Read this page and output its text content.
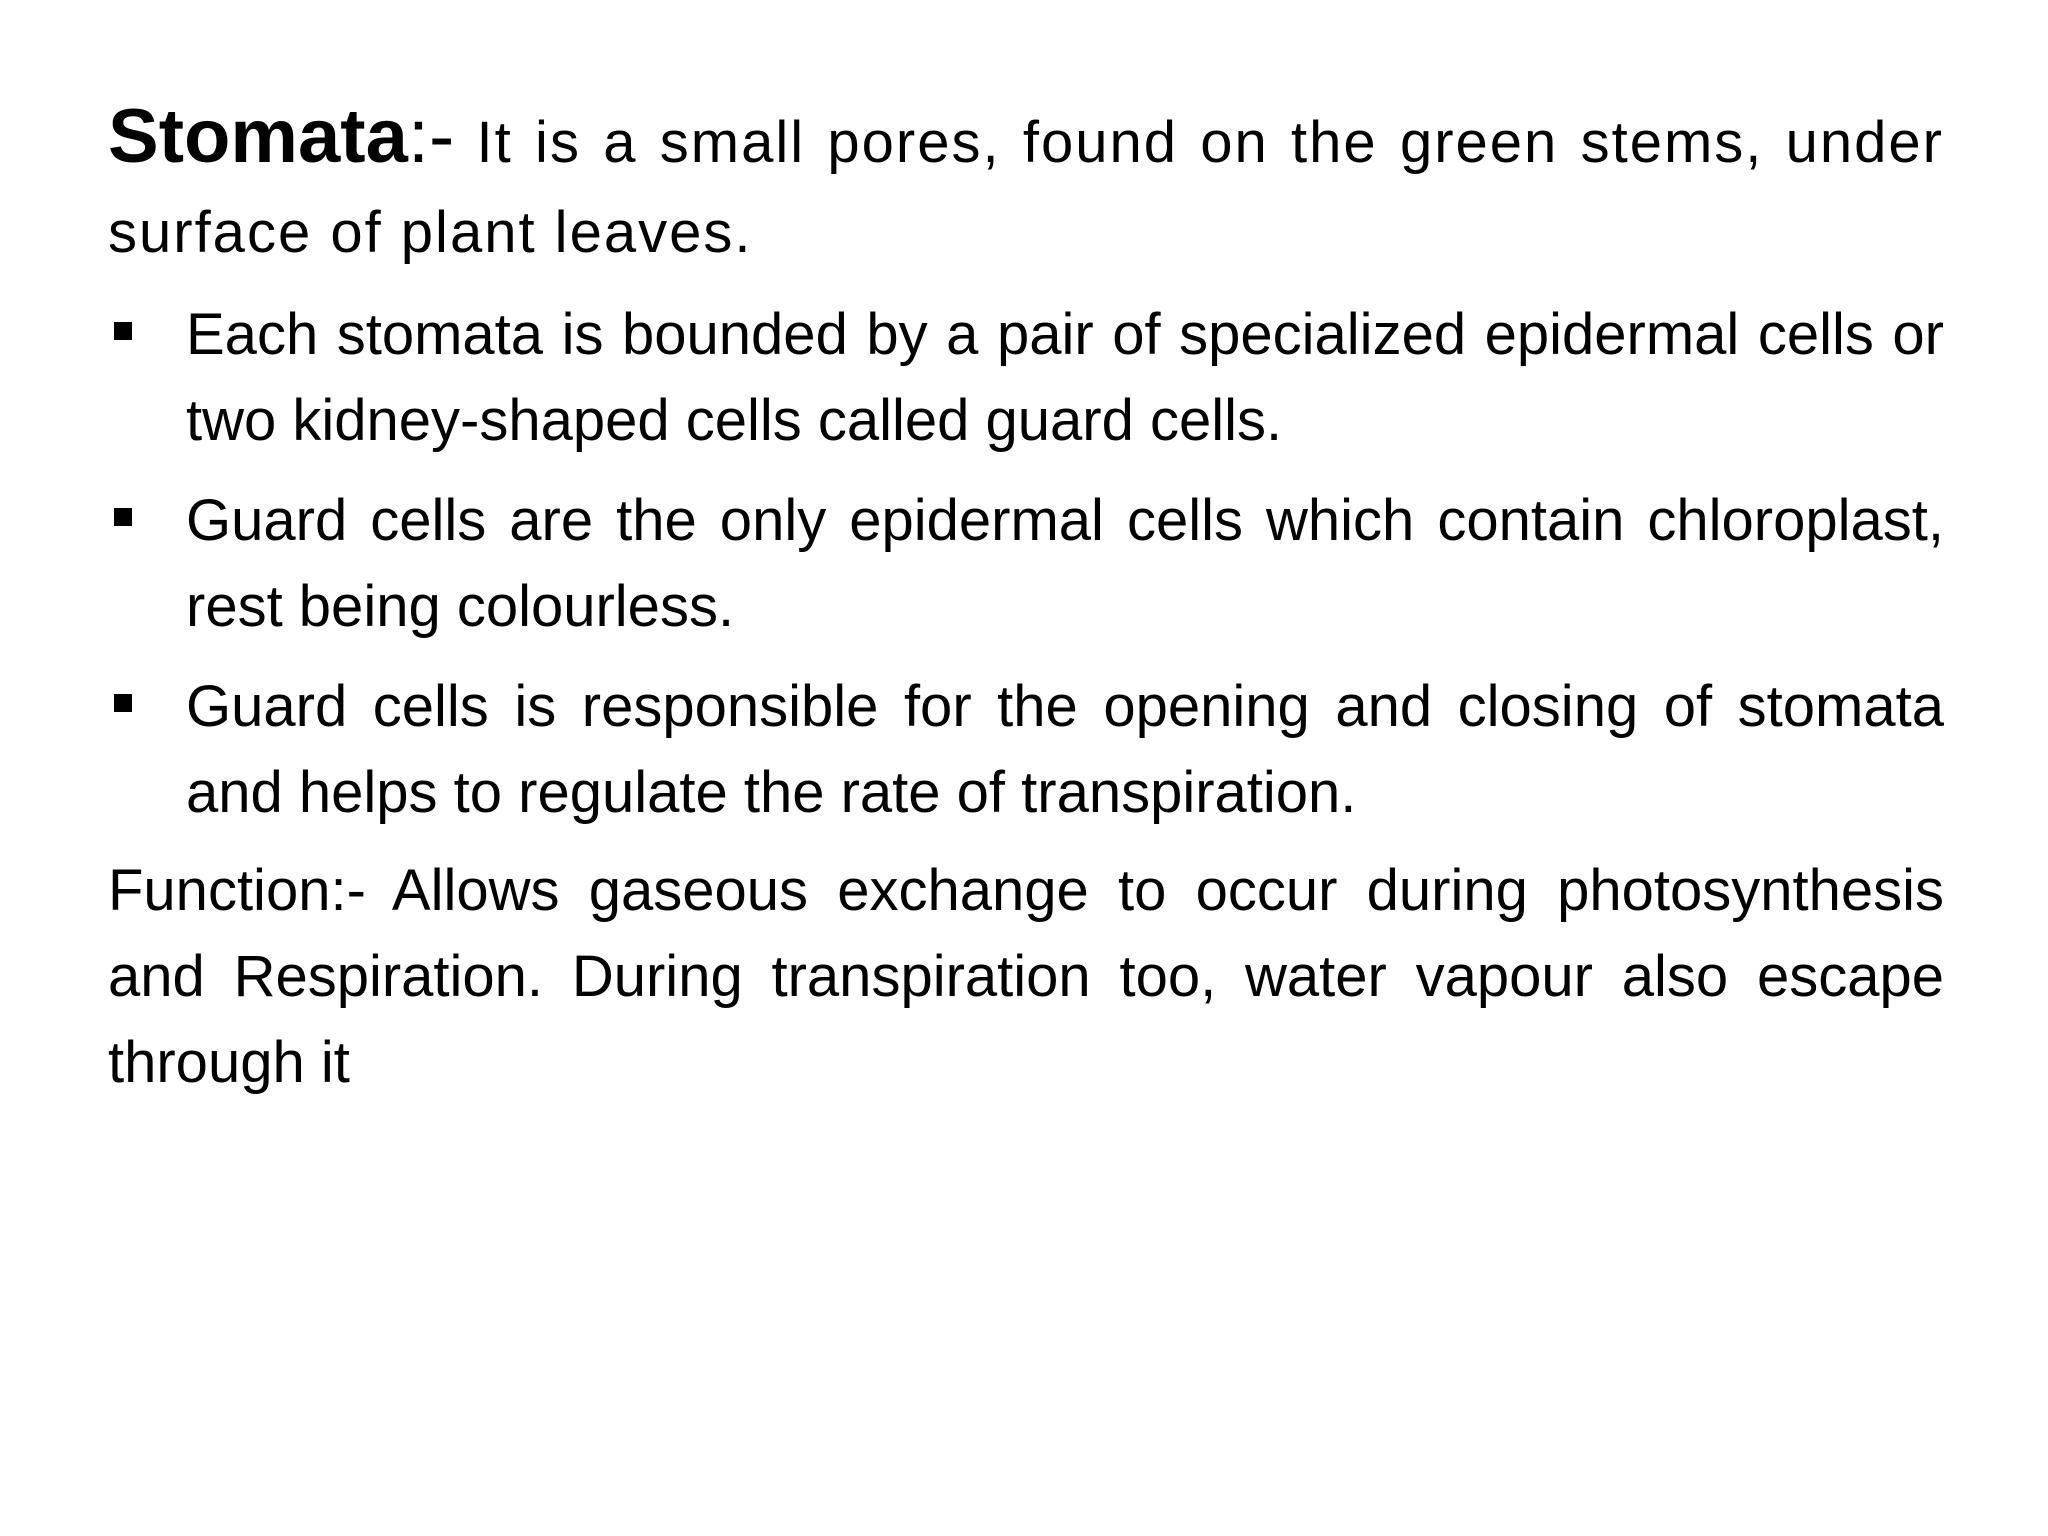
Stomata:- It is a small pores, found on the green stems, under surface of plant leaves.

Each stomata is bounded by a pair of specialized epidermal cells or two kidney-shaped cells called guard cells.
Guard cells are the only epidermal cells which contain chloroplast, rest being colourless.
Guard cells is responsible for the opening and closing of stomata and helps to regulate the rate of transpiration.

Function:- Allows gaseous exchange to occur during photosynthesis and Respiration. During transpiration too, water vapour also escape through it
